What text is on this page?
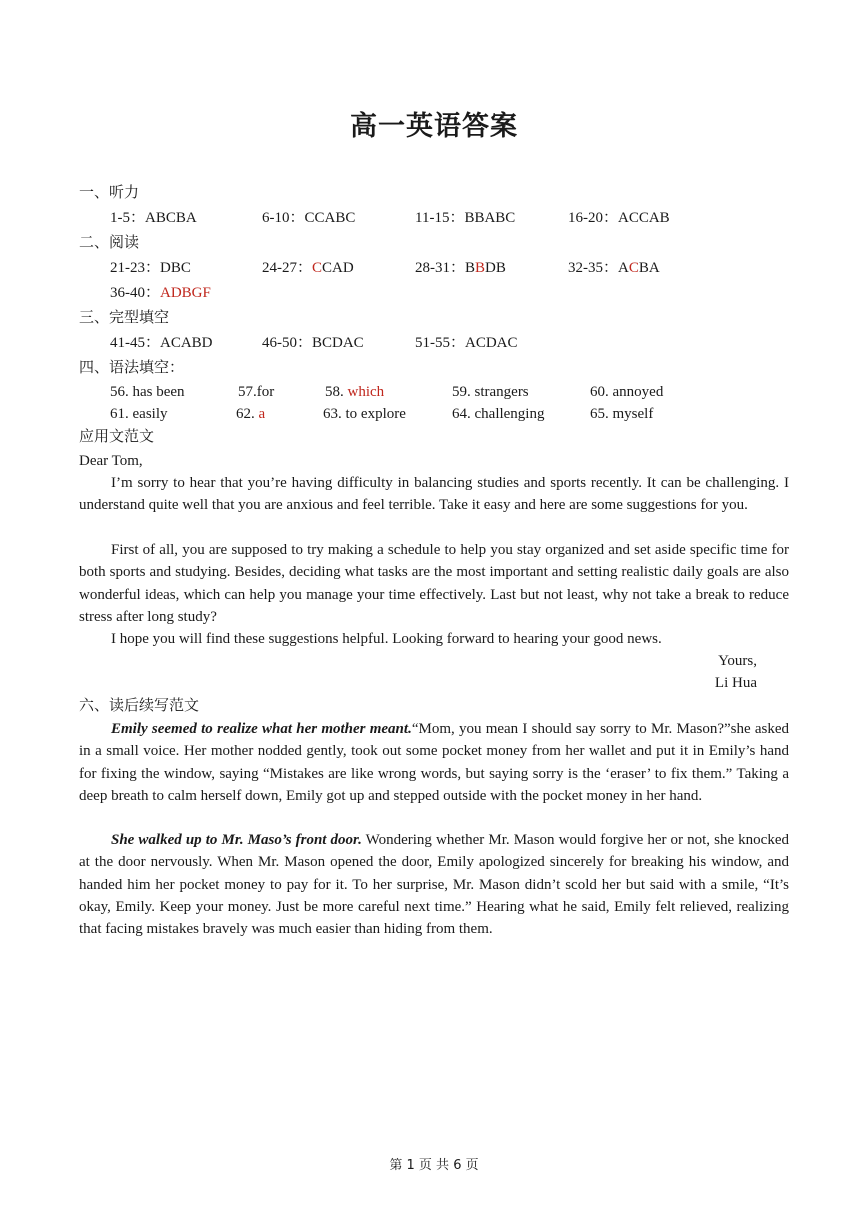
高一英语答案
一、听力
1-5：ABCBA	6-10：CCABC	11-15：BBABC	16-20：ACCAB
二、阅读
21-23：DBC	24-27：CCAD	28-31：BBDB	32-35：ACBA
36-40：ADBGF
三、完型填空
41-45：ACABD	46-50：BCDAC	51-55：ACDAC
四、语法填空：
56. has been	57.for	58. which	59. strangers	60. annoyed
61. easily	62. a	63. to explore	64. challenging	65. myself
应用文范文
Dear Tom,
I’m sorry to hear that you’re having difficulty in balancing studies and sports recently. It can be challenging. I understand quite well that you are anxious and feel terrible. Take it easy and here are some suggestions for you.
First of all, you are supposed to try making a schedule to help you stay organized and set aside specific time for both sports and studying. Besides, deciding what tasks are the most important and setting realistic daily goals are also wonderful ideas, which can help you manage your time effectively. Last but not least, why not take a break to reduce stress after long study?
I hope you will find these suggestions helpful. Looking forward to hearing your good news.
Yours,
Li Hua
六、读后续写范文
Emily seemed to realize what her mother meant.“Mom, you mean I should say sorry to Mr. Mason?”she asked in a small voice. Her mother nodded gently, took out some pocket money from her wallet and put it in Emily’s hand for fixing the window, saying “Mistakes are like wrong words, but saying sorry is the ‘eraser’ to fix them.” Taking a deep breath to calm herself down, Emily got up and stepped outside with the pocket money in her hand.
She walked up to Mr. Maso’s front door. Wondering whether Mr. Mason would forgive her or not, she knocked at the door nervously. When Mr. Mason opened the door, Emily apologized sincerely for breaking his window, and handed him her pocket money to pay for it. To her surprise, Mr. Mason didn’t scold her but said with a smile, “It’s okay, Emily. Keep your money. Just be more careful next time.” Hearing what he said, Emily felt relieved, realizing that facing mistakes bravely was much easier than hiding from them.
第 1 页 共 6 页
